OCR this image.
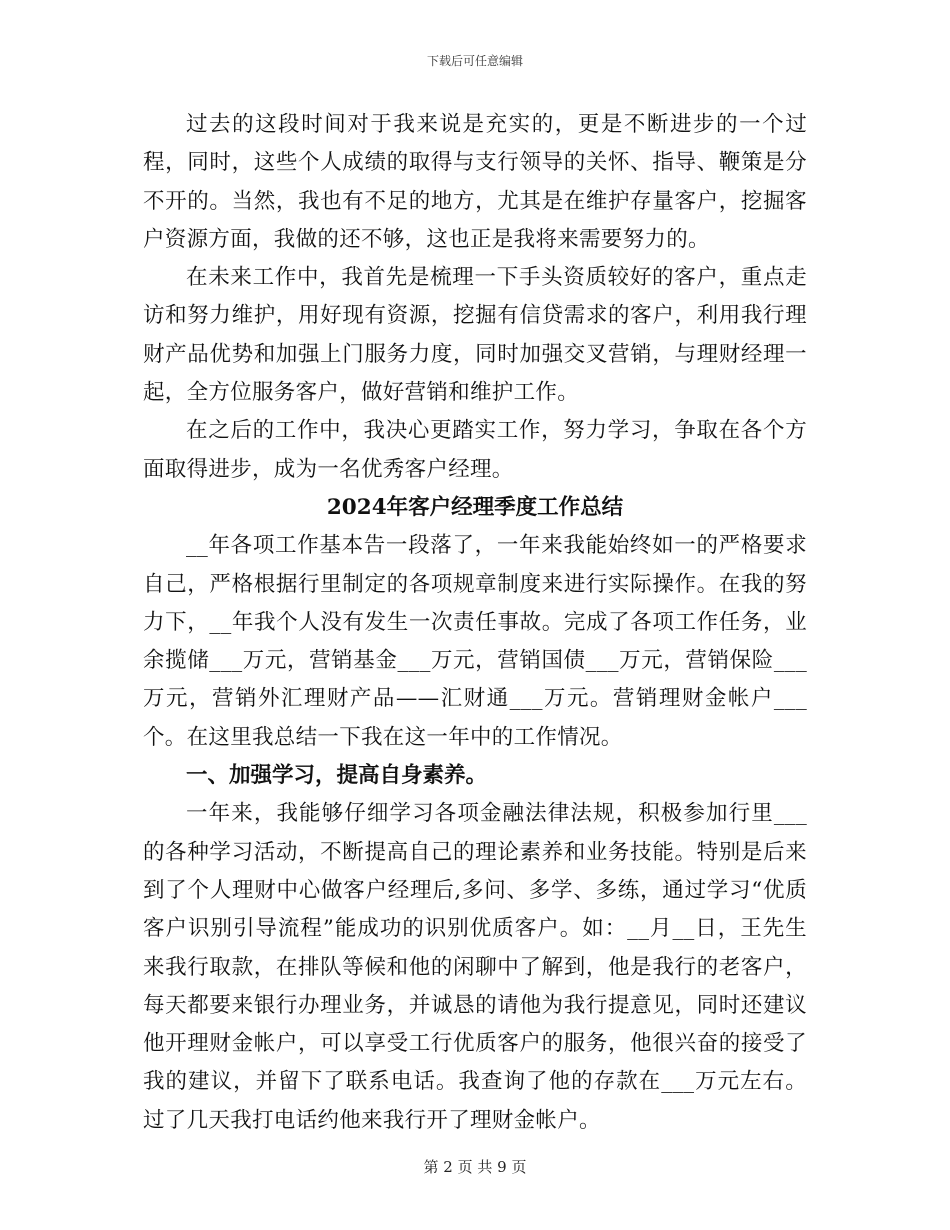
下载后可任意编辑

过去的这段时间对于我来说是充实的，更是不断进步的一个过程，同时，这些个人成绩的取得与支行领导的关怀、指导、鞭策是分不开的。当然，我也有不足的地方，尤其是在维护存量客户，挖掘客户资源方面，我做的还不够，这也正是我将来需要努力的。

在未来工作中，我首先是梳理一下手头资质较好的客户，重点走访和努力维护，用好现有资源，挖掘有信贷需求的客户，利用我行理财产品优势和加强上门服务力度，同时加强交叉营销，与理财经理一起，全方位服务客户，做好营销和维护工作。

在之后的工作中，我决心更踏实工作，努力学习，争取在各个方面取得进步，成为一名优秀客户经理。

2024年客户经理季度工作总结

__年各项工作基本告一段落了，一年来我能始终如一的严格要求自己，严格根据行里制定的各项规章制度来进行实际操作。在我的努力下，__年我个人没有发生一次责任事故。完成了各项工作任务，业余揽储___万元，营销基金___万元，营销国债___万元，营销保险___万元，营销外汇理财产品——汇财通___万元。营销理财金帐户___个。在这里我总结一下我在这一年中的工作情况。

一、加强学习，提高自身素养。

一年来，我能够仔细学习各项金融法律法规，积极参加行里___的各种学习活动，不断提高自己的理论素养和业务技能。特别是后来到了个人理财中心做客户经理后,多问、多学、多练，通过学习“优质客户识别引导流程”能成功的识别优质客户。如：__月__日，王先生来我行取款，在排队等候和他的闲聊中了解到，他是我行的老客户，每天都要来银行办理业务，并诚恳的请他为我行提意见，同时还建议他开理财金帐户，可以享受工行优质客户的服务，他很兴奋的接受了我的建议，并留下了联系电话。我查询了他的存款在___万元左右。过了几天我打电话约他来我行开了理财金帐户。

第 2 页 共 9 页
